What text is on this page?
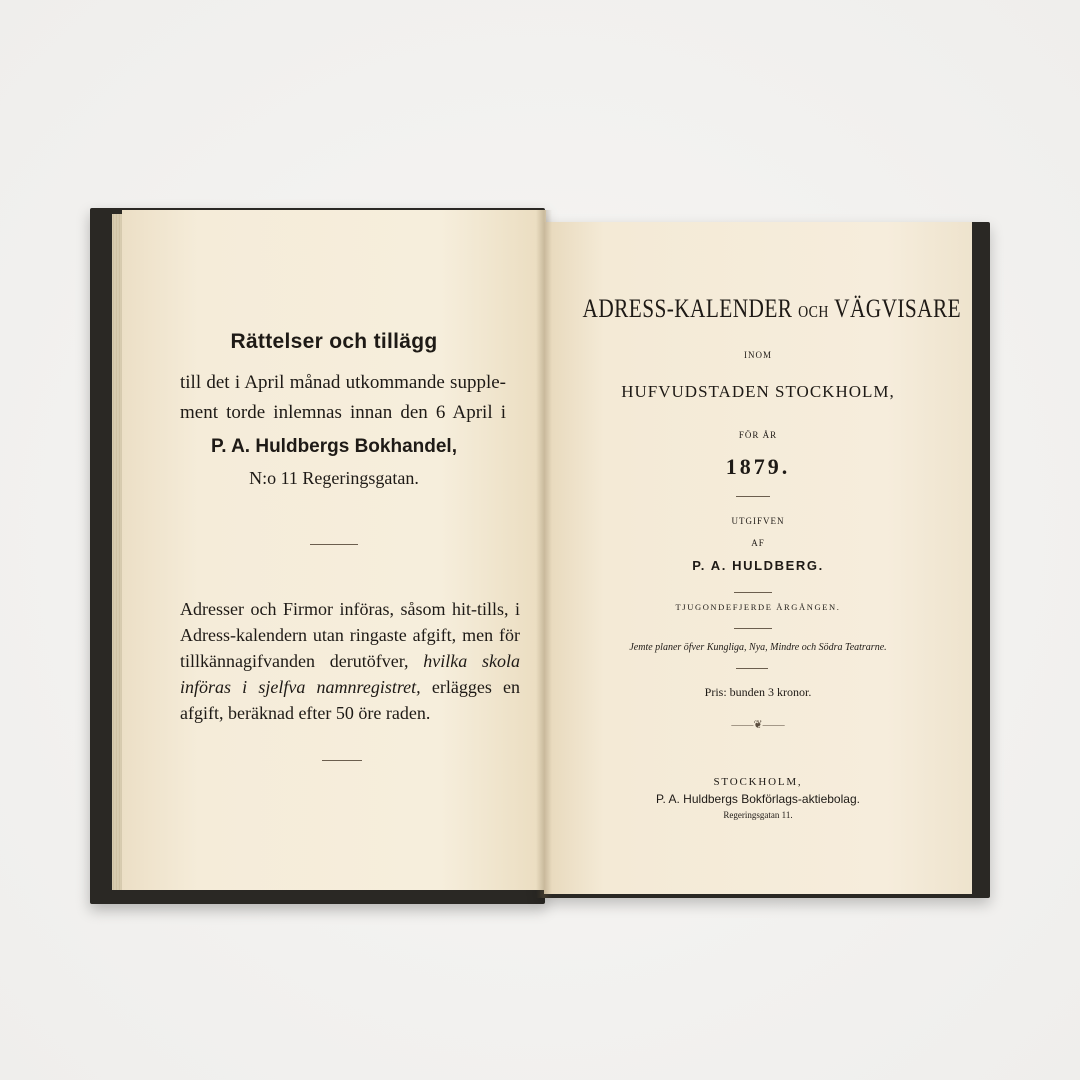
Rättelser och tillägg
till det i April månad utkommande supple-
ment torde inlemnas innan den 6 April i
P. A. Huldbergs Bokhandel,
N:o 11 Regeringsgatan.
Adresser och Firmor införas, såsom hit-tills, i Adress-kalendern utan ringaste afgift, men för tillkännagifvanden derutöfver, hvilka skola införas i sjelfva namnregistret, erlägges en afgift, beräknad efter 50 öre raden.
ADRESS-KALENDER OCH VÄGVISARE
INOM
HUFVUDSTADEN STOCKHOLM,
FÖR ÅR
1879.
UTGIFVEN
AF
P. A. HULDBERG.
TJUGONDEFJERDE ÅRGÅNGEN.
Jemte planer öfver Kungliga, Nya, Mindre och Södra Teatrarne.
Pris: bunden 3 kronor.
——❦——
STOCKHOLM,
P. A. Huldbergs Bokförlags-aktiebolag.
Regeringsgatan 11.
